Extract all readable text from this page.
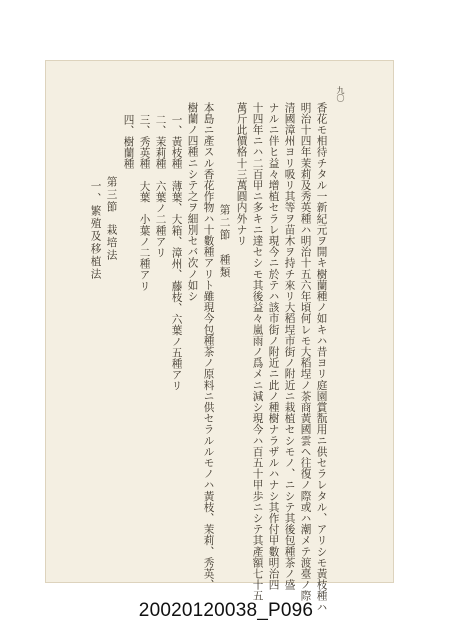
九〇
香花モ相待チタル一新紀元ヲ開キ樹蘭種ノ如キハ昔ヨリ庭園賞翫用ニ供セラレタル、アリシモ黃枝種ハ
明治十四年茉莉及秀英種ハ明治十五六年頃何レモ大稻埕ノ茶商黃國雲ヘ往復ノ際或ハ潮メテ渡臺ノ際
清國漳州ヨリ吸リ其等ヲ苗木ヲ持チ來リ大稻埕市街ノ附近ニ栽植セシモノ、ニシテ其後包種茶ノ盛
ナルニ伴ヒ益々增植セラレ現今ニ於テハ該市街ノ附近ニ此ノ種樹ナラザルハナシ其作付甲數明治四
十四年ニハ二百甲ニ多キニ達セシモ其後益々嵐雨ノ爲メニ減シ現今ハ百五十甲歩ニシテ其產額七十五
萬斤此價格十三萬圓内外ナリ
第二節
種類
本島ニ產スル香花作物ハ十數種アリト雖現今包種茶ノ原料ニ供セラルルモノハ黃枝、茉莉、秀英、
樹蘭ノ四種ニシテ之ヲ細別セバ次ノ如シ
一、黃枝種　薄葉、大箱、漳州、藤枝、六葉ノ五種アリ
二、茉莉種　六葉ノ二種アリ
三、秀英種　大葉　小葉ノ二種アリ
四、樹蘭種
第三節
栽培法
一、繁殖及移植法
20020120038_P096
